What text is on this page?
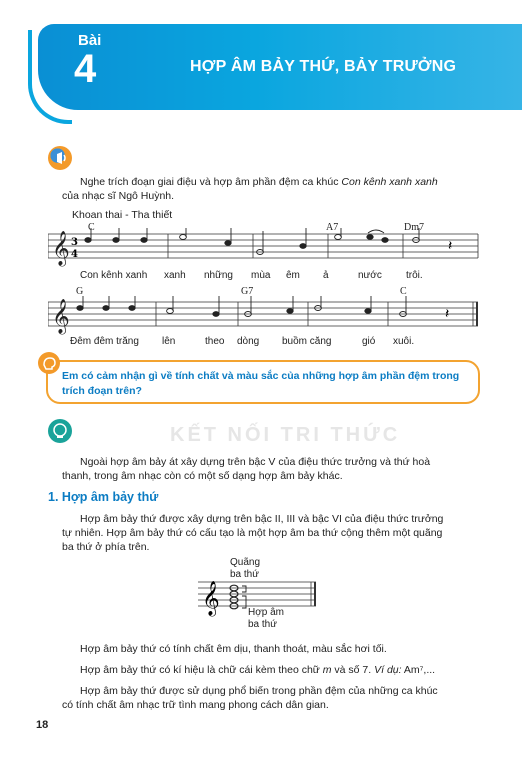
Bài
4	HỢP ÂM BẢY THỨ, BẢY TRƯỞNG
Nghe trích đoạn giai điệu và hợp âm phần đệm ca khúc Con kênh xanh xanh
của nhạc sĩ Ngô Huỳnh.
Khoan thai - Tha thiết
𝄞 3
4
𝄽
C	A7	Dm7
Con kênh xanh xanh những mùa êm ả	nước trôi.
𝄞	𝄽
G	G7	C
Đêm đêm trăng lên	theo dòng buồm căng	gió xuôi.
Em có cảm nhận gì về tính chất và màu sắc của những hợp âm phần đệm trong trích đoạn trên?
KẾT NỐI TRI THỨC
Ngoài hợp âm bảy át xây dựng trên bậc V của điệu thức trưởng và thứ hoà
thanh, trong âm nhạc còn có một số dạng hợp âm bảy khác.
1. Hợp âm bảy thứ
Hợp âm bảy thứ được xây dựng trên bậc II, III và bậc VI của điệu thức trưởng
tự nhiên. Hợp âm bảy thứ có cấu tạo là một hợp âm ba thứ cộng thêm một quãng
ba thứ ở phía trên.
𝄞
Quãng
ba thứ
Hợp âm
ba thứ
Hợp âm bảy thứ có tính chất êm dịu, thanh thoát, màu sắc hơi tối.
Hợp âm bảy thứ có kí hiệu là chữ cái kèm theo chữ m và số 7. Ví dụ: Am⁷,...
Hợp âm bảy thứ được sử dụng phổ biến trong phần đệm của những ca khúc
có tính chất âm nhạc trữ tình mang phong cách dân gian.
18
